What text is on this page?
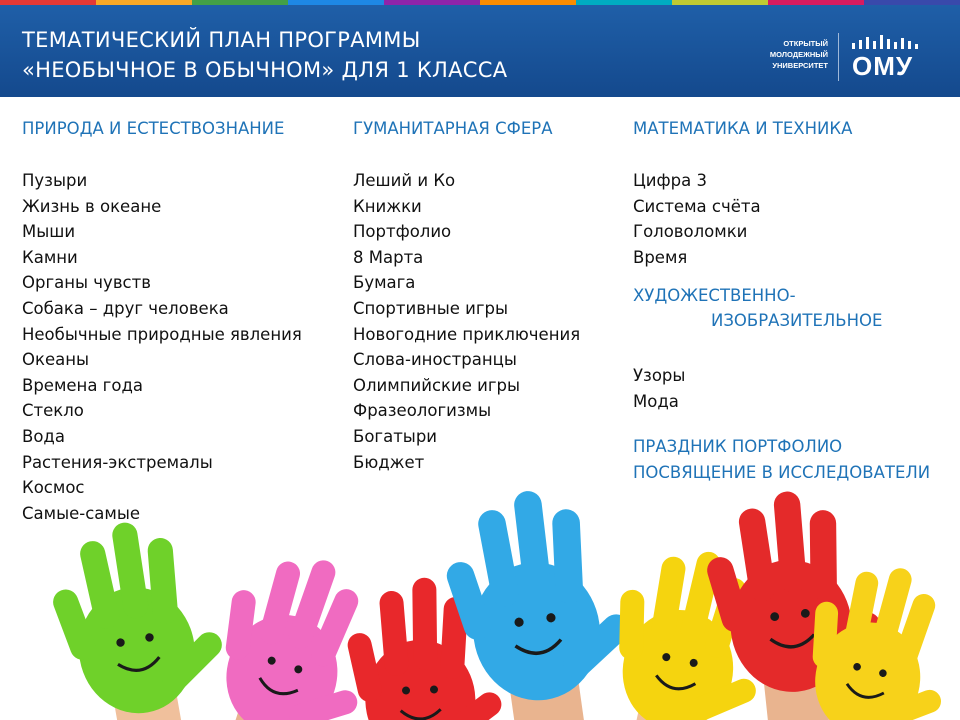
ТЕМАТИЧЕСКИЙ ПЛАН ПРОГРАММЫ
«НЕОБЫЧНОЕ В ОБЫЧНОМ» ДЛЯ 1 КЛАССА
ОТКРЫТЫЙ
МОЛОДЕЖНЫЙ
УНИВЕРСИТЕТ ОМУ
ПРИРОДА И ЕСТЕСТВОЗНАНИЕ
Пузыри
Жизнь в океане
Мыши
Камни
Органы чувств
Собака – друг человека
Необычные природные явления
Океаны
Времена года
Стекло
Вода
Растения-экстремалы
Космос
Самые-самые
ГУМАНИТАРНАЯ СФЕРА
Леший и Ко
Книжки
Портфолио
8 Марта
Бумага
Спортивные игры
Новогодние приключения
Слова-иностранцы
Олимпийские игры
Фразеологизмы
Богатыри
Бюджет
МАТЕМАТИКА И ТЕХНИКА
Цифра 3
Система счёта
Головоломки
Время
ХУДОЖЕСТВЕННО-
ИЗОБРАЗИТЕЛЬНОЕ
Узоры
Мода
ПРАЗДНИК ПОРТФОЛИО
ПОСВЯЩЕНИЕ В ИССЛЕДОВАТЕЛИ
